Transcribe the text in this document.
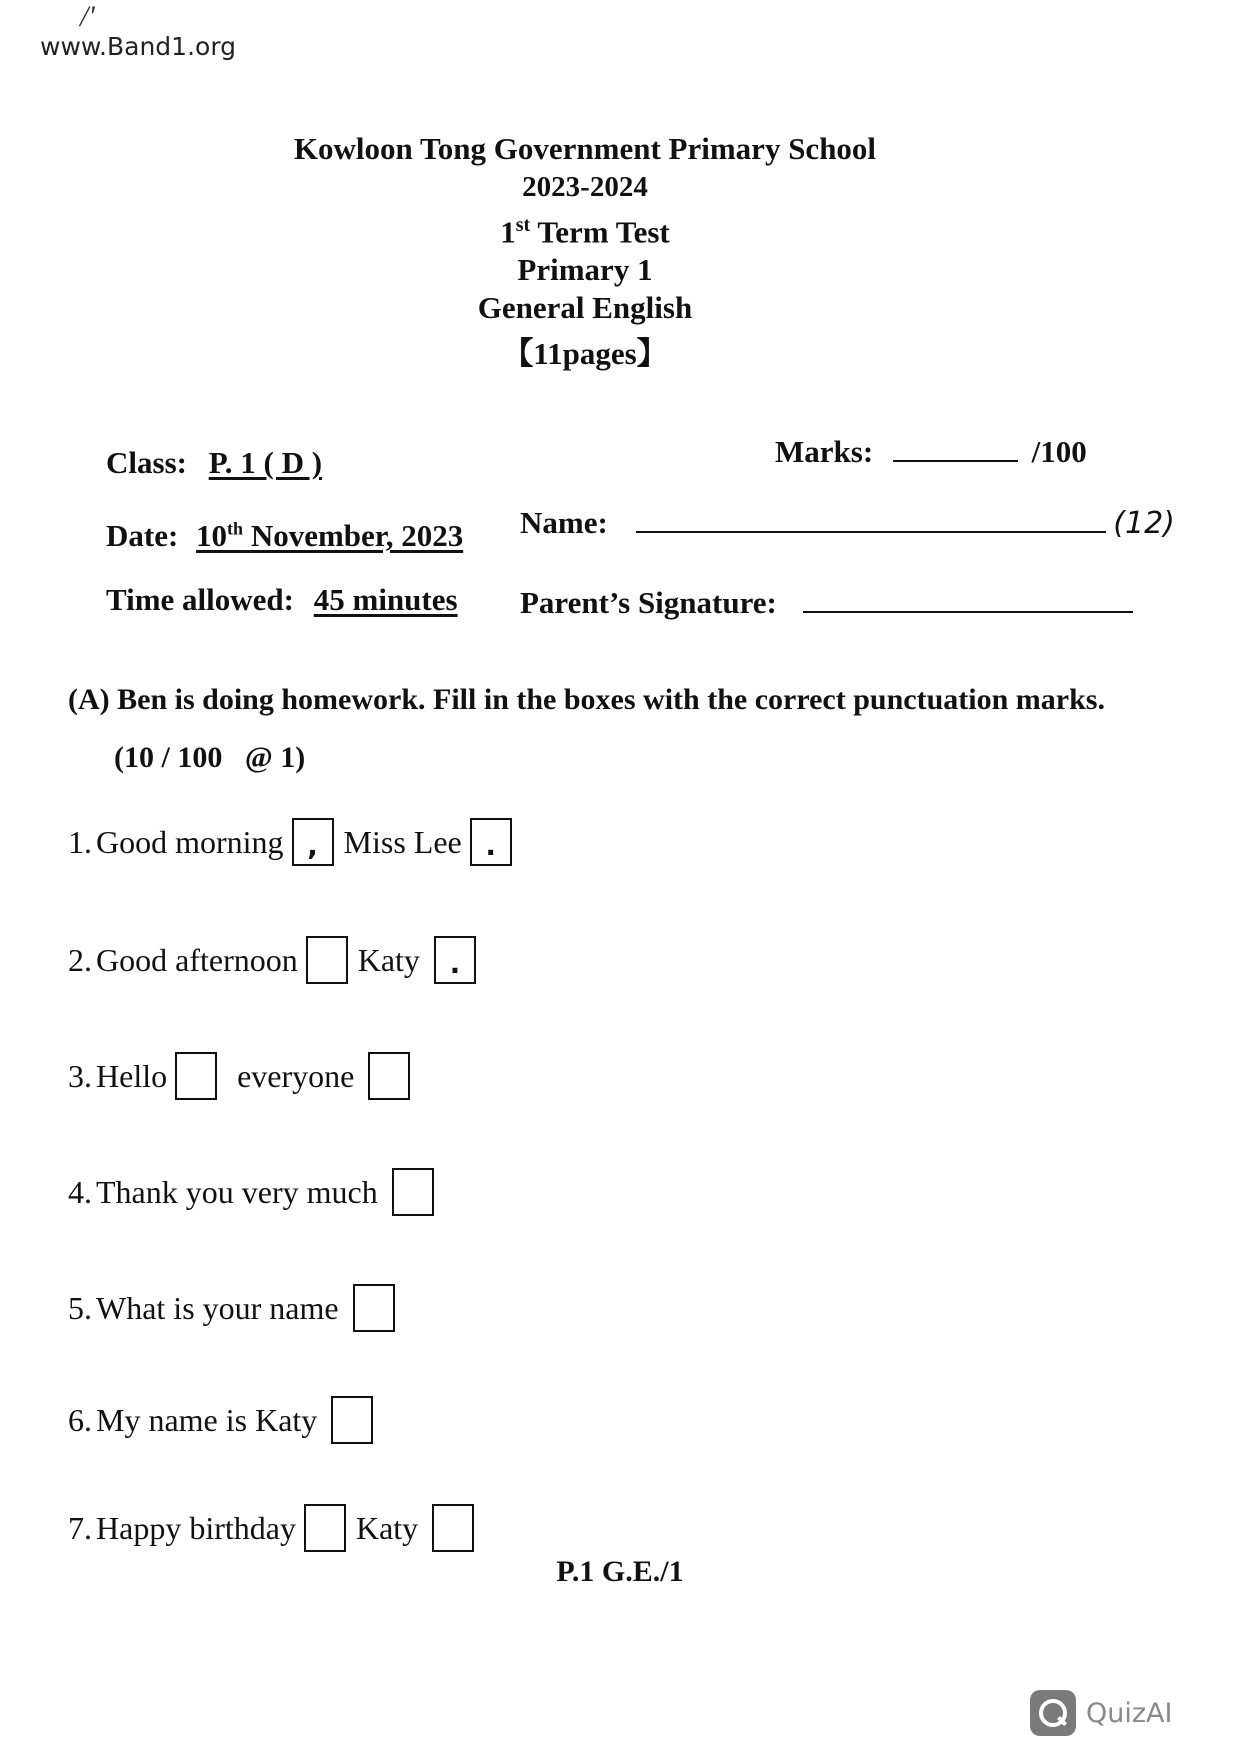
www.Band1.org
/'
Kowloon Tong Government Primary School
2023-2024
1st Term Test
Primary 1
General English
【11pages】
Class: P. 1 ( D )	Marks:	/100
Date: 10th November, 2023 Name:	(12)
Time allowed: 45 minutes Parent’s Signature:
(A) Ben is doing homework. Fill in the boxes with the correct punctuation marks.
(10 / 100   @ 1)
1. Good morning , Miss Lee .
2. Good afternoon Katy	.
3. Hello everyone
4. Thank you very much
5. What is your name
6. My name is Katy
7. Happy birthday Katy
P.1 G.E./1
QuizAI
